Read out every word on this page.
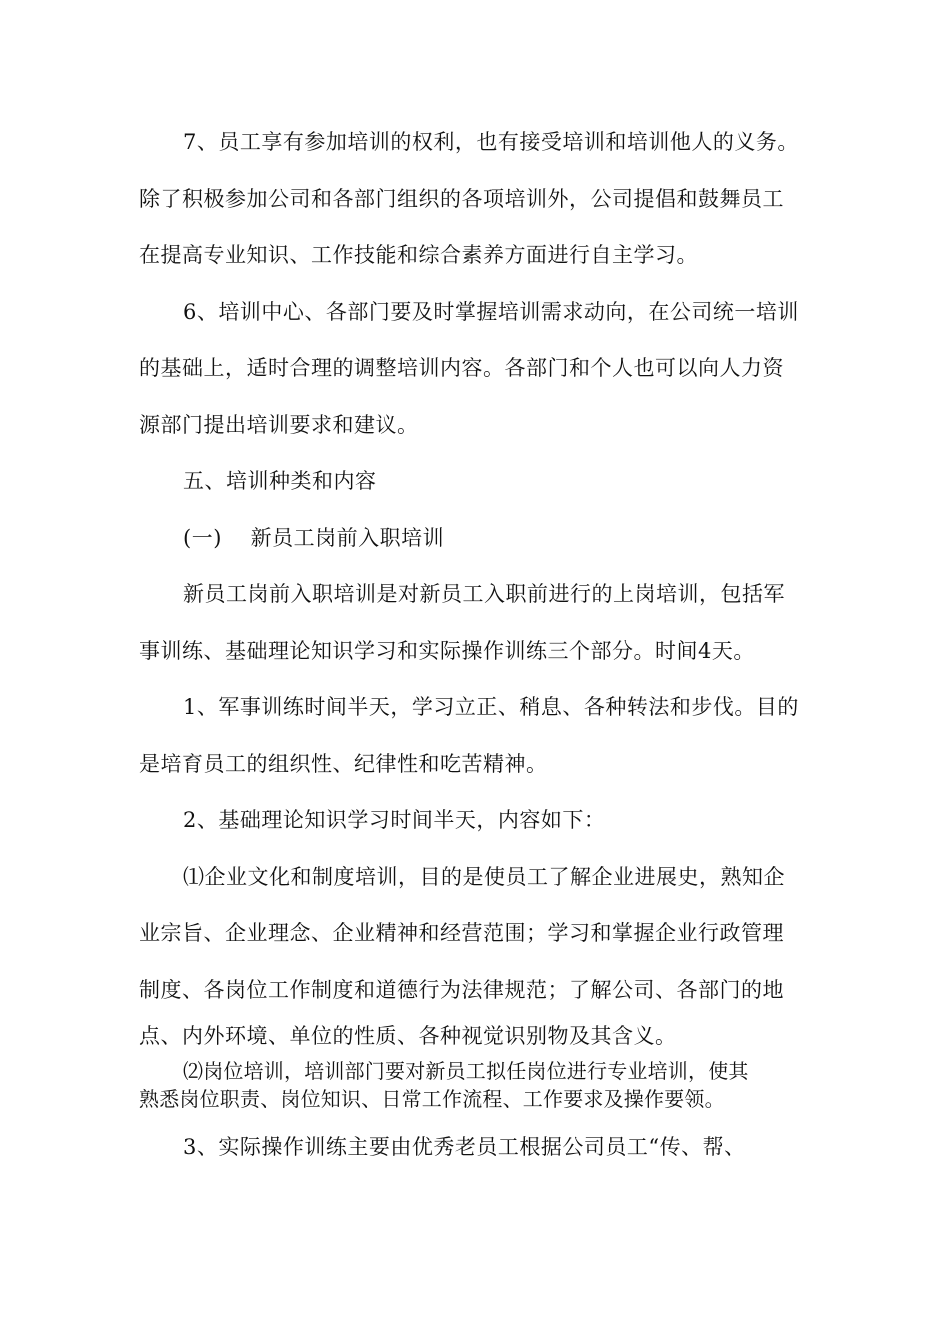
7、员工享有参加培训的权利，也有接受培训和培训他人的义务。
除了积极参加公司和各部门组织的各项培训外，公司提倡和鼓舞员工
在提高专业知识、工作技能和综合素养方面进行自主学习。
6、培训中心、各部门要及时掌握培训需求动向，在公司统一培训
的基础上，适时合理的调整培训内容。各部门和个人也可以向人力资
源部门提出培训要求和建议。
五、培训种类和内容
(一)    新员工岗前入职培训
新员工岗前入职培训是对新员工入职前进行的上岗培训，包括军
事训练、基础理论知识学习和实际操作训练三个部分。时间4天。
1、军事训练时间半天，学习立正、稍息、各种转法和步伐。目的
是培育员工的组织性、纪律性和吃苦精神。
2、基础理论知识学习时间半天，内容如下：
⑴企业文化和制度培训，目的是使员工了解企业进展史，熟知企
业宗旨、企业理念、企业精神和经营范围；学习和掌握企业行政管理
制度、各岗位工作制度和道德行为法律规范；了解公司、各部门的地
点、内外环境、单位的性质、各种视觉识别物及其含义。
⑵岗位培训，培训部门要对新员工拟任岗位进行专业培训，使其
熟悉岗位职责、岗位知识、日常工作流程、工作要求及操作要领。
3、实际操作训练主要由优秀老员工根据公司员工“传、帮、
